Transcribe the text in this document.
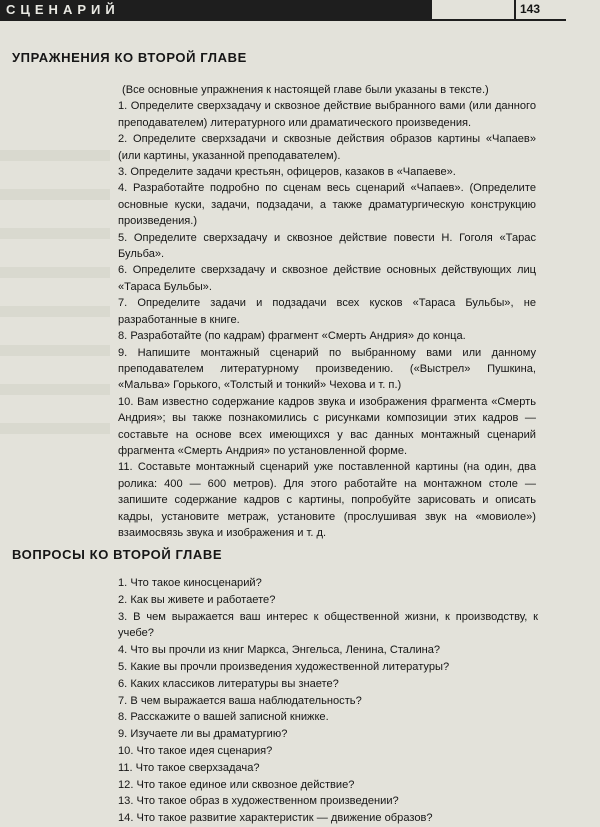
СЦЕНАРИЙ	143
УПРАЖНЕНИЯ КО ВТОРОЙ ГЛАВЕ

(Все основные упражнения к настоящей главе были указаны в тексте.)

1. Определите сверхзадачу и сквозное действие выбранного вами (или данного преподавателем) литературного или драматического произведения.

2. Определите сверхзадачи и сквозные действия образов картины «Чапаев» (или картины, указанной преподавателем).

3. Определите задачи крестьян, офицеров, казаков в «Чапаеве».

4. Разработайте подробно по сценам весь сценарий «Чапаев». (Определите основные куски, задачи, подзадачи, а также драматургическую конструкцию произведения.)

5. Определите сверхзадачу и сквозное действие повести Н. Гоголя «Тарас Бульба».

6. Определите сверхзадачу и сквозное действие основных действующих лиц «Тараса Бульбы».

7. Определите задачи и подзадачи всех кусков «Тараса Бульбы», не разработанные в книге.

8. Разработайте (по кадрам) фрагмент «Смерть Андрия» до конца.

9. Напишите монтажный сценарий по выбранному вами или данному преподавателем литературному произведению. («Выстрел» Пушкина, «Мальва» Горького, «Толстый и тонкий» Чехова и т. п.)

10. Вам известно содержание кадров звука и изображения фрагмента «Смерть Андрия»; вы также познакомились с рисунками композиции этих кадров — составьте на основе всех имеющихся у вас данных монтажный сценарий фрагмента «Смерть Андрия» по установленной форме.

11. Составьте монтажный сценарий уже поставленной картины (на один, два ролика: 400 — 600 метров). Для этого работайте на монтажном столе — запишите содержание кадров с картины, попробуйте зарисовать и описать кадры, установите метраж, установите (прослушивая звук на «мовиоле») взаимосвязь звука и изображения и т. д.

ВОПРОСЫ КО ВТОРОЙ ГЛАВЕ
1. Что такое киносценарий?
2. Как вы живете и работаете?
3. В чем выражается ваш интерес к общественной жизни, к производству, к учебе?
4. Что вы прочли из книг Маркса, Энгельса, Ленина, Сталина?
5. Какие вы прочли произведения художественной литературы?
6. Каких классиков литературы вы знаете?
7. В чем выражается ваша наблюдательность?
8. Расскажите о вашей записной книжке.
9. Изучаете ли вы драматургию?
10. Что такое идея сценария?
11. Что такое сверхзадача?
12. Что такое единое или сквозное действие?
13. Что такое образ в художественном произведении?
14. Что такое развитие характеристик — движение образов?
